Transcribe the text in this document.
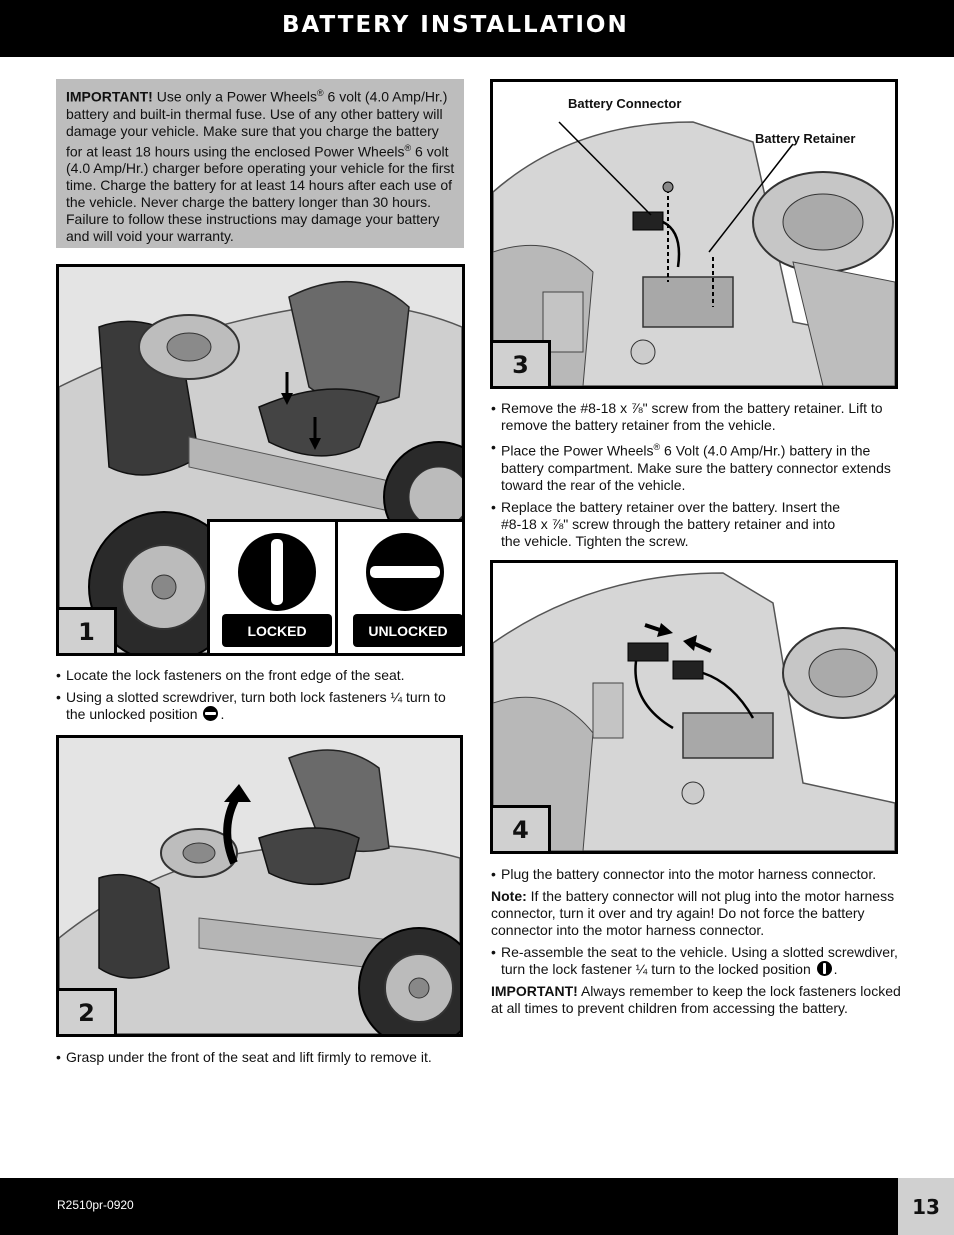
BATTERY INSTALLATION
IMPORTANT! Use only a Power Wheels® 6 volt (4.0 Amp/Hr.) battery and built-in thermal fuse. Use of any other battery will damage your vehicle. Make sure that you charge the battery for at least 18 hours using the enclosed Power Wheels® 6 volt (4.0 Amp/Hr.) charger before operating your vehicle for the first time. Charge the battery for at least 14 hours after each use of the vehicle. Never charge the battery longer than 30 hours. Failure to follow these instructions may damage your battery and will void your warranty.
LOCKED	UNLOCKED
1
• Locate the lock fasteners on the front edge of the seat.
• Using a slotted screwdriver, turn both lock fasteners ¼ turn to the unlocked position .
2
• Grasp under the front of the seat and lift firmly to remove it.
Battery Connector
Battery Retainer
3
• Remove the #8-18 x ⅞" screw from the battery retainer. Lift to remove the battery retainer from the vehicle.
• Place the Power Wheels® 6 Volt (4.0 Amp/Hr.) battery in the battery compartment. Make sure the battery connector extends toward the rear of the vehicle.
• Replace the battery retainer over the battery. Insert the #8-18 x ⅞" screw through the battery retainer and into the vehicle. Tighten the screw.
4
• Plug the battery connector into the motor harness connector.
Note: If the battery connector will not plug into the motor harness connector, turn it over and try again! Do not force the battery connector into the motor harness connector.
• Re-assemble the seat to the vehicle. Using a slotted screwdiver, turn the lock fastener ¼ turn to the locked position .
IMPORTANT! Always remember to keep the lock fasteners locked at all times to prevent children from accessing the battery.
R2510pr-0920	13
